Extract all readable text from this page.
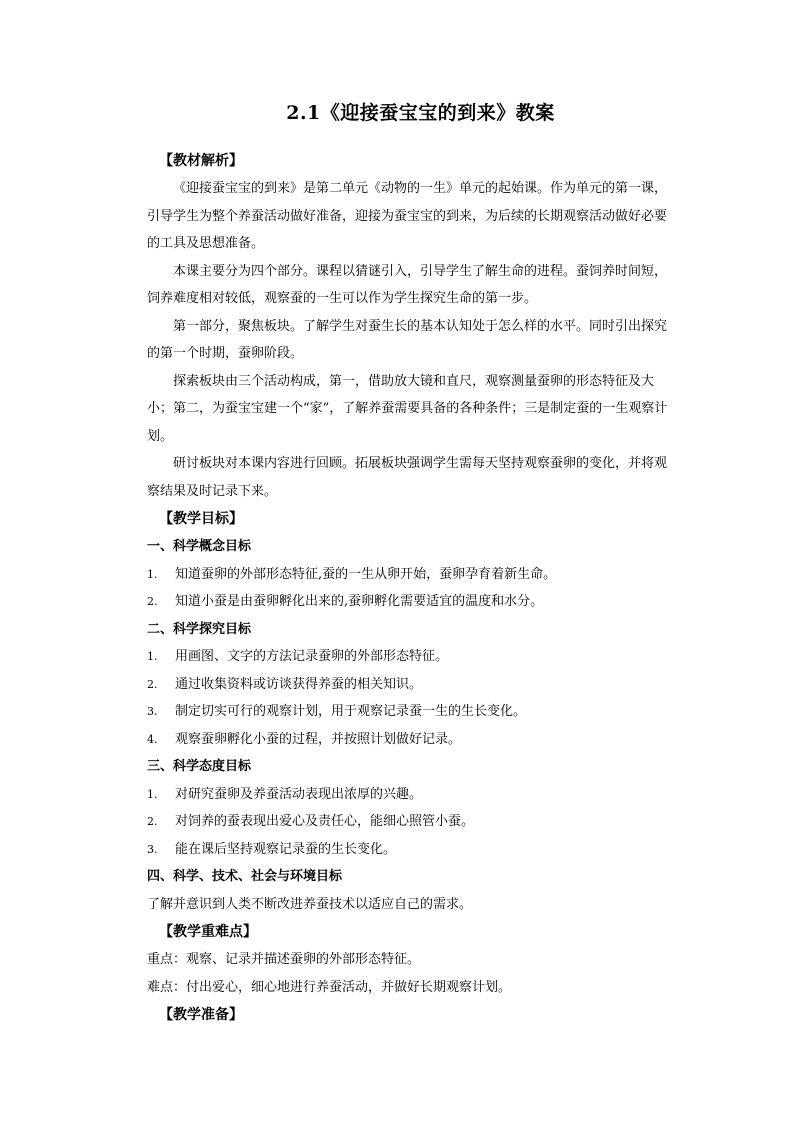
2.1《迎接蚕宝宝的到来》教案

【教材解析】

《迎接蚕宝宝的到来》是第二单元《动物的一生》单元的起始课。作为单元的第一课，引导学生为整个养蚕活动做好准备，迎接为蚕宝宝的到来，为后续的长期观察活动做好必要的工具及思想准备。

本课主要分为四个部分。课程以猜谜引入，引导学生了解生命的进程。蚕饲养时间短，饲养难度相对较低，观察蚕的一生可以作为学生探究生命的第一步。

第一部分，聚焦板块。了解学生对蚕生长的基本认知处于怎么样的水平。同时引出探究的第一个时期，蚕卵阶段。

探索板块由三个活动构成，第一，借助放大镜和直尺，观察测量蚕卵的形态特征及大小；第二，为蚕宝宝建一个“家”，了解养蚕需要具备的各种条件；三是制定蚕的一生观察计划。

研讨板块对本课内容进行回顾。拓展板块强调学生需每天坚持观察蚕卵的变化，并将观察结果及时记录下来。

【教学目标】

一、科学概念目标

1.	知道蚕卵的外部形态特征,蚕的一生从卵开始，蚕卵孕育着新生命。
2.	知道小蚕是由蚕卵孵化出来的,蚕卵孵化需要适宜的温度和水分。

二、科学探究目标

1.	用画图、文字的方法记录蚕卵的外部形态特征。
2.	通过收集资料或访谈获得养蚕的相关知识。
3.	制定切实可行的观察计划，用于观察记录蚕一生的生长变化。
4.	观察蚕卵孵化小蚕的过程，并按照计划做好记录。

三、科学态度目标

1.	对研究蚕卵及养蚕活动表现出浓厚的兴趣。
2.	对饲养的蚕表现出爱心及责任心，能细心照管小蚕。
3.	能在课后坚持观察记录蚕的生长变化。

四、科学、技术、社会与环境目标

了解并意识到人类不断改进养蚕技术以适应自己的需求。

【教学重难点】

重点：观察、记录并描述蚕卵的外部形态特征。

难点：付出爱心，细心地进行养蚕活动，并做好长期观察计划。

【教学准备】
